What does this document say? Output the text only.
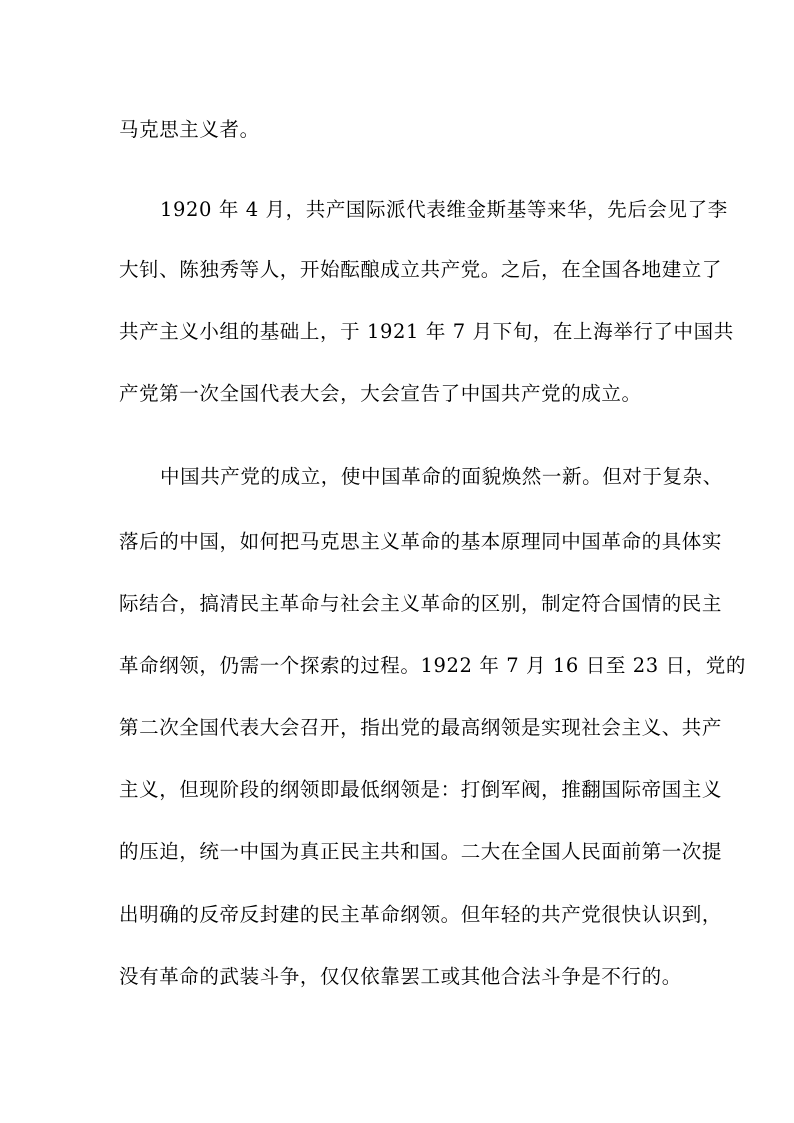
马克思主义者。
1920 年 4 月，共产国际派代表维金斯基等来华，先后会见了李
大钊、陈独秀等人，开始酝酿成立共产党。之后，在全国各地建立了
共产主义小组的基础上，于 1921 年 7 月下旬，在上海举行了中国共
产党第一次全国代表大会，大会宣告了中国共产党的成立。
中国共产党的成立，使中国革命的面貌焕然一新。但对于复杂、
落后的中国，如何把马克思主义革命的基本原理同中国革命的具体实
际结合，搞清民主革命与社会主义革命的区别，制定符合国情的民主
革命纲领，仍需一个探索的过程。1922 年 7 月 16 日至 23 日，党的
第二次全国代表大会召开，指出党的最高纲领是实现社会主义、共产
主义，但现阶段的纲领即最低纲领是：打倒军阀，推翻国际帝国主义
的压迫，统一中国为真正民主共和国。二大在全国人民面前第一次提
出明确的反帝反封建的民主革命纲领。但年轻的共产党很快认识到，
没有革命的武装斗争，仅仅依靠罢工或其他合法斗争是不行的。
